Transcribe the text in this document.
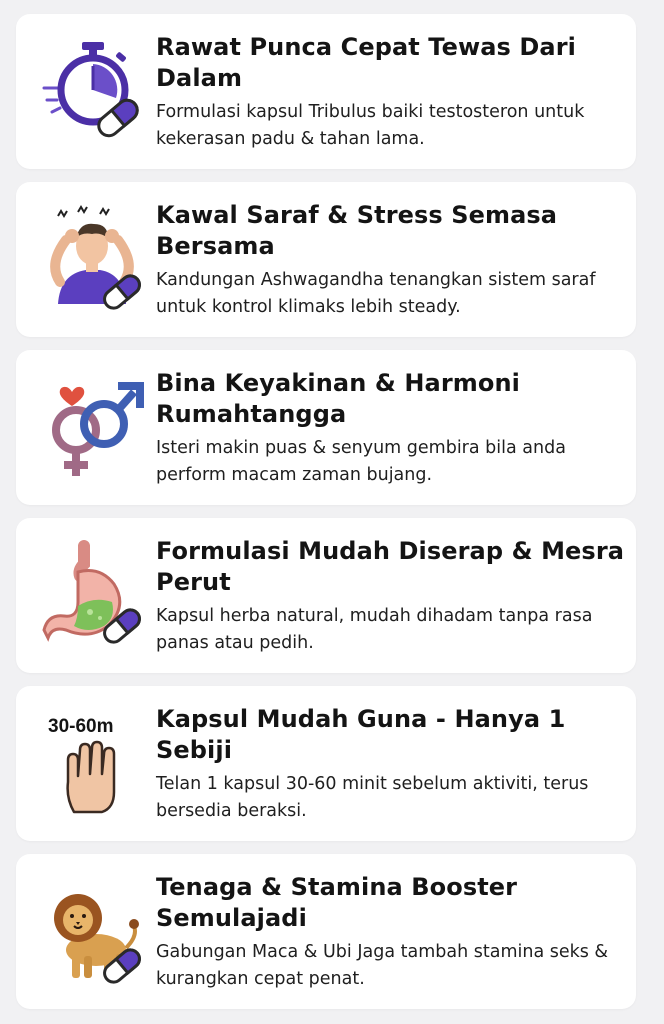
Rawat Punca Cepat Tewas Dari Dalam

Formulasi kapsul Tribulus baiki testosteron untuk kekerasan padu & tahan lama.

Kawal Saraf & Stress Semasa Bersama

Kandungan Ashwagandha tenangkan sistem saraf untuk kontrol klimaks lebih steady.

Bina Keyakinan & Harmoni Rumahtangga

Isteri makin puas & senyum gembira bila anda perform macam zaman bujang.

Formulasi Mudah Diserap & Mesra Perut

Kapsul herba natural, mudah dihadam tanpa rasa panas atau pedih.

30-60m Kapsul Mudah Guna - Hanya 1 Sebiji

Telan 1 kapsul 30-60 minit sebelum aktiviti, terus bersedia beraksi.

Tenaga & Stamina Booster Semulajadi

Gabungan Maca & Ubi Jaga tambah stamina seks & kurangkan cepat penat.
